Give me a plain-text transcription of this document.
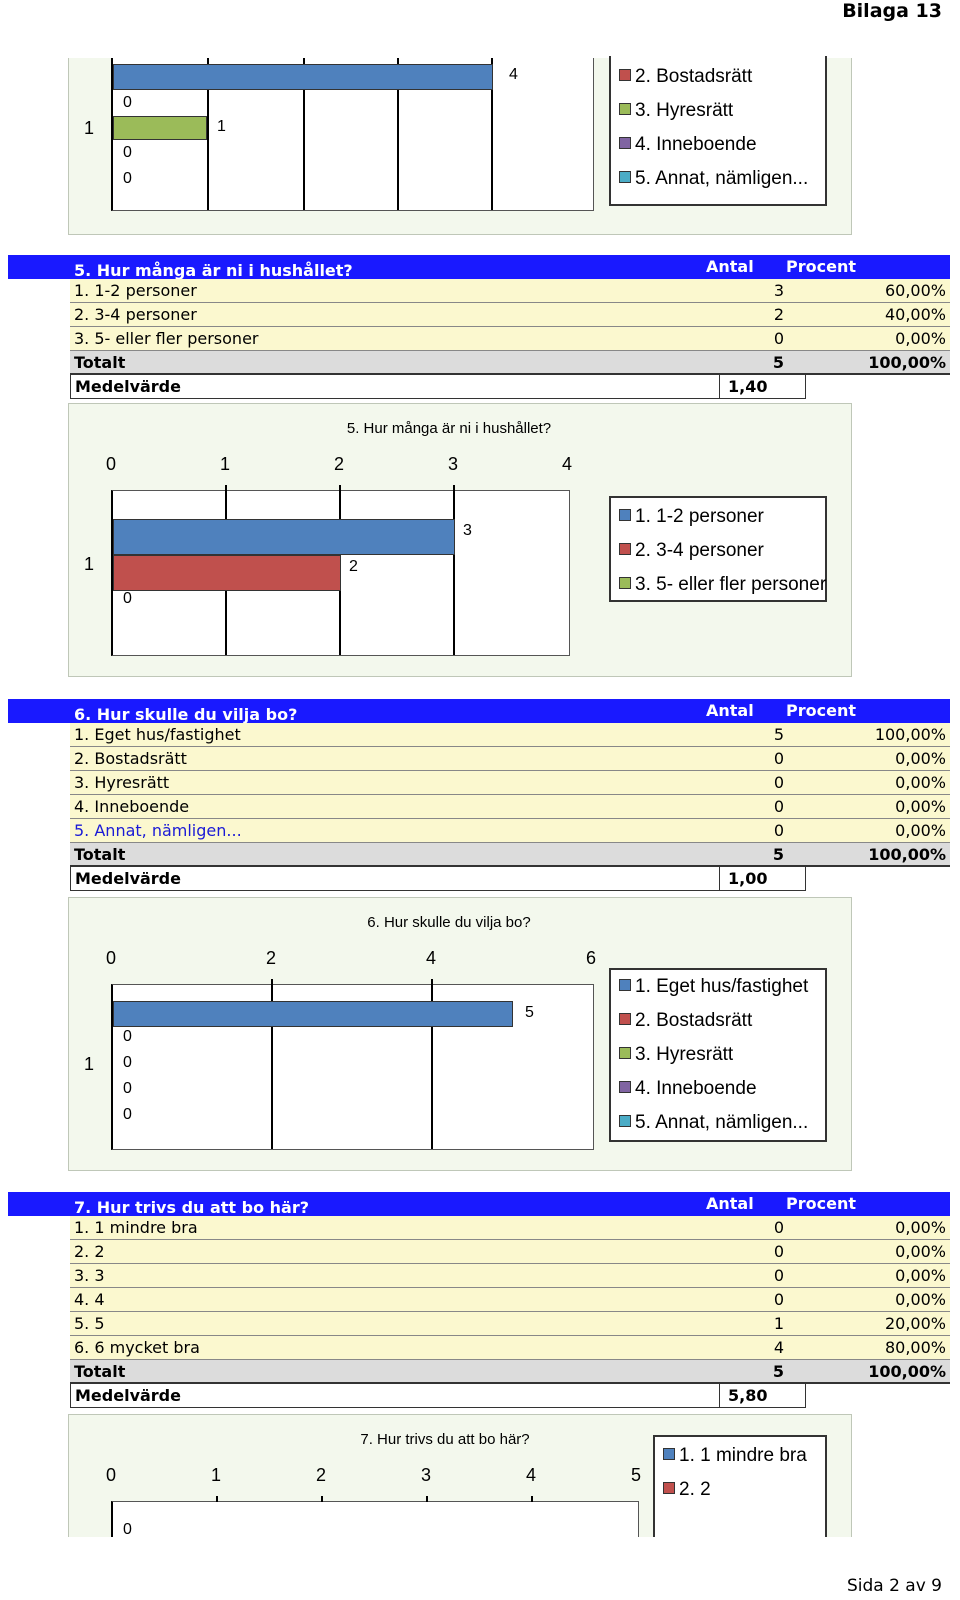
Bilaga 13
4
0
1
0
0
1
2. Bostadsrätt
3. Hyresrätt
4. Inneboende
5. Annat, nämligen...
5. Hur många är ni i hushållet?	Antal	Procent
1. 1-2 personer	3	60,00%
2. 3-4 personer	2	40,00%
3. 5- eller fler personer	0	0,00%
Totalt	5	100,00%
Medelvärde	1,40
5. Hur många är ni i hushållet?
0	1	2	3	4
3
2
0
1
1. 1-2 personer
2. 3-4 personer
3. 5- eller fler personer
6. Hur skulle du vilja bo?	Antal	Procent
1. Eget hus/fastighet	5	100,00%
2. Bostadsrätt	0	0,00%
3. Hyresrätt	0	0,00%
4. Inneboende	0	0,00%
5. Annat, nämligen...	0	0,00%
Totalt	5	100,00%
Medelvärde	1,00
6. Hur skulle du vilja bo?
0	2	4	6
5
0
0
0
0
1
1. Eget hus/fastighet
2. Bostadsrätt
3. Hyresrätt
4. Inneboende
5. Annat, nämligen...
7. Hur trivs du att bo här?	Antal	Procent
1. 1 mindre bra	0	0,00%
2. 2	0	0,00%
3. 3	0	0,00%
4. 4	0	0,00%
5. 5	1	20,00%
6. 6 mycket bra	4	80,00%
Totalt	5	100,00%
Medelvärde	5,80
7. Hur trivs du att bo här?
0	1	2	3	4	5
0
1. 1 mindre bra
2. 2
Sida 2 av 9
